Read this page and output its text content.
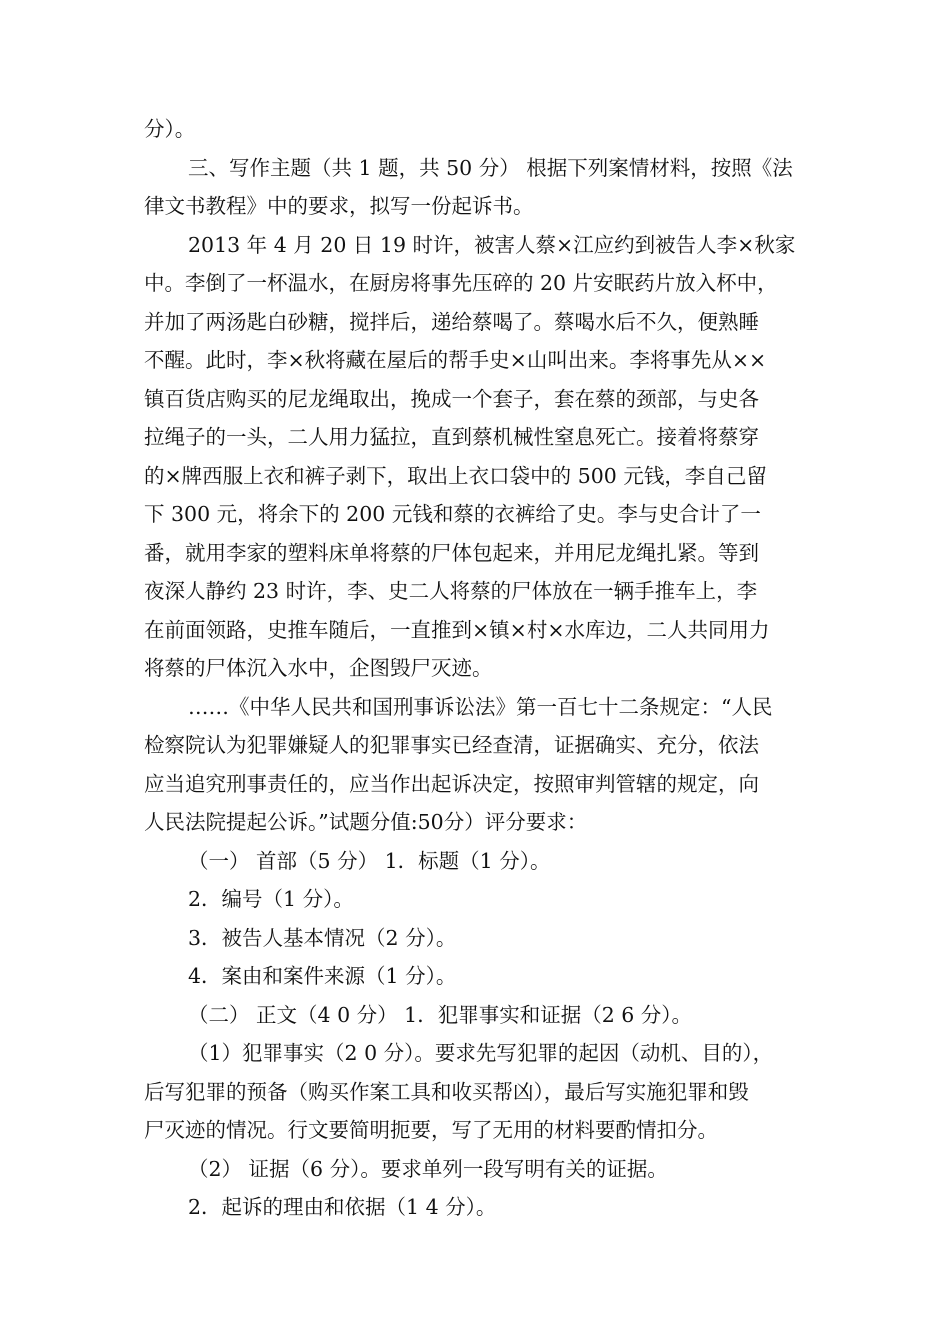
分）。
三、写作主题（共 1 题，共 50 分） 根据下列案情材料，按照《法
律文书教程》中的要求，拟写一份起诉书。
2013 年 4 月 20 日 19 时许，被害人蔡×江应约到被告人李×秋家
中。李倒了一杯温水，在厨房将事先压碎的 20 片安眠药片放入杯中，
并加了两汤匙白砂糖，搅拌后，递给蔡喝了。蔡喝水后不久，便熟睡
不醒。此时，李×秋将藏在屋后的帮手史×山叫出来。李将事先从××
镇百货店购买的尼龙绳取出，挽成一个套子，套在蔡的颈部，与史各
拉绳子的一头，二人用力猛拉，直到蔡机械性窒息死亡。接着将蔡穿
的×牌西服上衣和裤子剥下，取出上衣口袋中的 500 元钱，李自己留
下 300 元，将余下的 200 元钱和蔡的衣裤给了史。李与史合计了一
番，就用李家的塑料床单将蔡的尸体包起来，并用尼龙绳扎紧。等到
夜深人静约 23 时许，李、史二人将蔡的尸体放在一辆手推车上，李
在前面领路，史推车随后，一直推到×镇×村×水库边，二人共同用力
将蔡的尸体沉入水中，企图毁尸灭迹。
……《中华人民共和国刑事诉讼法》第一百七十二条规定：“人民
检察院认为犯罪嫌疑人的犯罪事实已经查清，证据确实、充分，依法
应当追究刑事责任的，应当作出起诉决定，按照审判管辖的规定，向
人民法院提起公诉。”试题分值:50分）评分要求：
（一） 首部（5 分） 1．标题（1 分）。
2．编号（1 分）。
3．被告人基本情况（2 分）。
4．案由和案件来源（1 分）。
（二） 正文（4 0 分） 1．犯罪事实和证据（2 6 分）。
（1）犯罪事实（2 0 分）。要求先写犯罪的起因（动机、目的），
后写犯罪的预备（购买作案工具和收买帮凶），最后写实施犯罪和毁
尸灭迹的情况。行文要简明扼要，写了无用的材料要酌情扣分。
（2） 证据（6 分）。要求单列一段写明有关的证据。
2．起诉的理由和依据（1 4 分）。
